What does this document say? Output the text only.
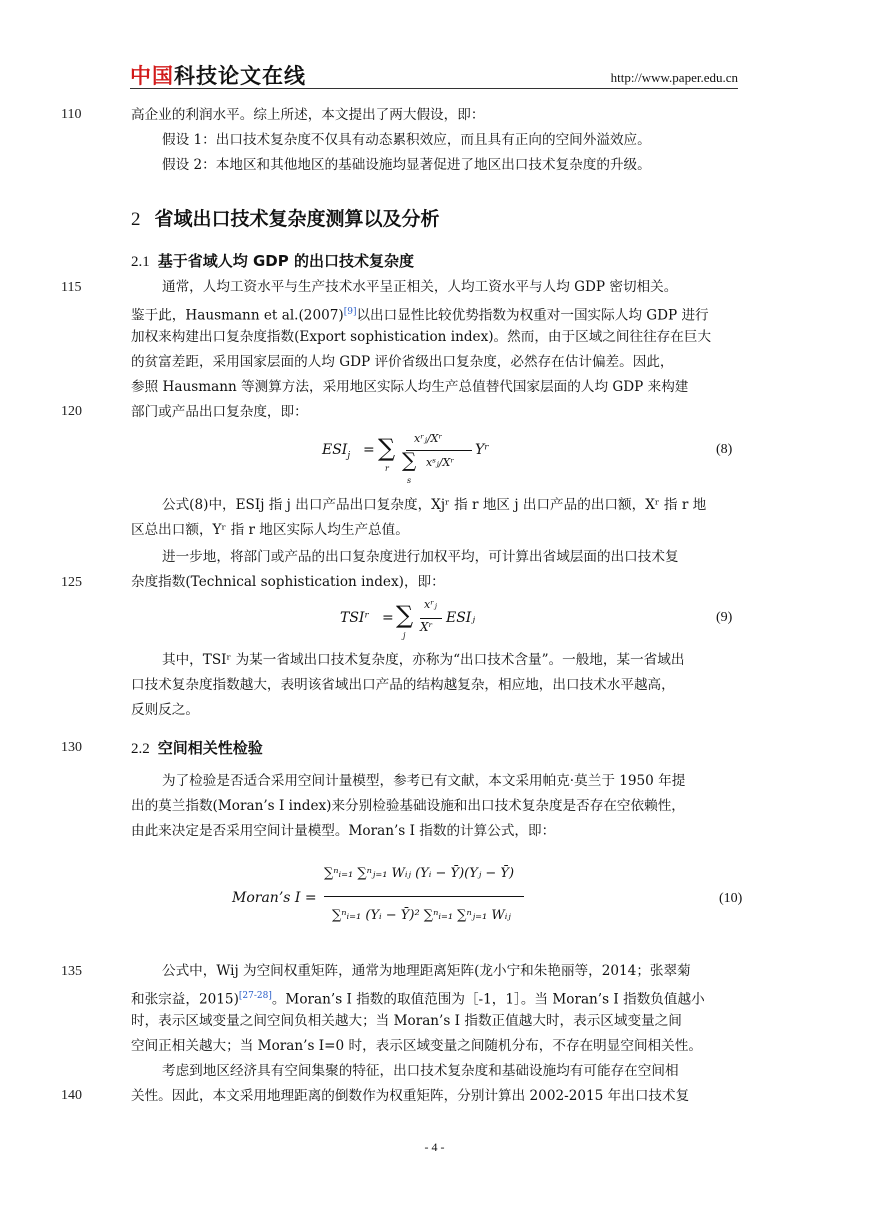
中国科技论文在线	http://www.paper.edu.cn
110	高企业的利润水平。综上所述，本文提出了两大假设，即：
假设 1：出口技术复杂度不仅具有动态累积效应，而且具有正向的空间外溢效应。
假设 2：本地区和其他地区的基础设施均显著促进了地区出口技术复杂度的升级。
2 省域出口技术复杂度测算以及分析
2.1 基于省域人均 GDP 的出口技术复杂度
115	通常，人均工资水平与生产技术水平呈正相关，人均工资水平与人均 GDP 密切相关。
鉴于此，Hausmann et al.(2007)[9]以出口显性比较优势指数为权重对一国实际人均 GDP 进行
加权来构建出口复杂度指数(Export sophistication index)。然而，由于区域之间往往存在巨大
的贫富差距，采用国家层面的人均 GDP 评价省级出口复杂度，必然存在估计偏差。因此，
参照 Hausmann 等测算方法，采用地区实际人均生产总值替代国家层面的人均 GDP 来构建
120	部门或产品出口复杂度，即：
$ESI_j$ = ∑
r
xʳⱼ/Xʳ
∑
s
xˢⱼ/Xʳ
Yʳ	(8)
公式(8)中，ESIj 指 j 出口产品出口复杂度，Xjʳ 指 r 地区 j 出口产品的出口额，Xʳ 指 r 地
区总出口额，Yʳ 指 r 地区实际人均生产总值。
进一步地，将部门或产品的出口复杂度进行加权平均，可计算出省域层面的出口技术复
125	杂度指数(Technical sophistication index)，即：
TSIʳ = ∑
j
xʳⱼ
Xʳ
ESIⱼ	(9)
其中，TSIʳ 为某一省域出口技术复杂度，亦称为“出口技术含量”。一般地，某一省域出
口技术复杂度指数越大，表明该省域出口产品的结构越复杂，相应地，出口技术水平越高，
反则反之。
130	2.2 空间相关性检验
为了检验是否适合采用空间计量模型，参考已有文献，本文采用帕克·莫兰于 1950 年提
出的莫兰指数(Moran’s I index)来分别检验基础设施和出口技术复杂度是否存在空依赖性，
由此来决定是否采用空间计量模型。Moran’s I 指数的计算公式，即：
Moran’s I =
∑ⁿᵢ₌₁ ∑ⁿⱼ₌₁ Wᵢⱼ (Yᵢ − Ȳ)(Yⱼ − Ȳ)
∑ⁿᵢ₌₁ (Yᵢ − Ȳ)² ∑ⁿᵢ₌₁ ∑ⁿⱼ₌₁ Wᵢⱼ
(10)
135	公式中，Wij 为空间权重矩阵，通常为地理距离矩阵(龙小宁和朱艳丽等，2014；张翠菊
和张宗益，2015)[27-28]。Moran’s I 指数的取值范围为［-1，1］。当 Moran’s I 指数负值越小
时，表示区域变量之间空间负相关越大；当 Moran’s I 指数正值越大时，表示区域变量之间
空间正相关越大；当 Moran’s I=0 时，表示区域变量之间随机分布，不存在明显空间相关性。
考虑到地区经济具有空间集聚的特征，出口技术复杂度和基础设施均有可能存在空间相
140	关性。因此，本文采用地理距离的倒数作为权重矩阵，分别计算出 2002-2015 年出口技术复
- 4 -
